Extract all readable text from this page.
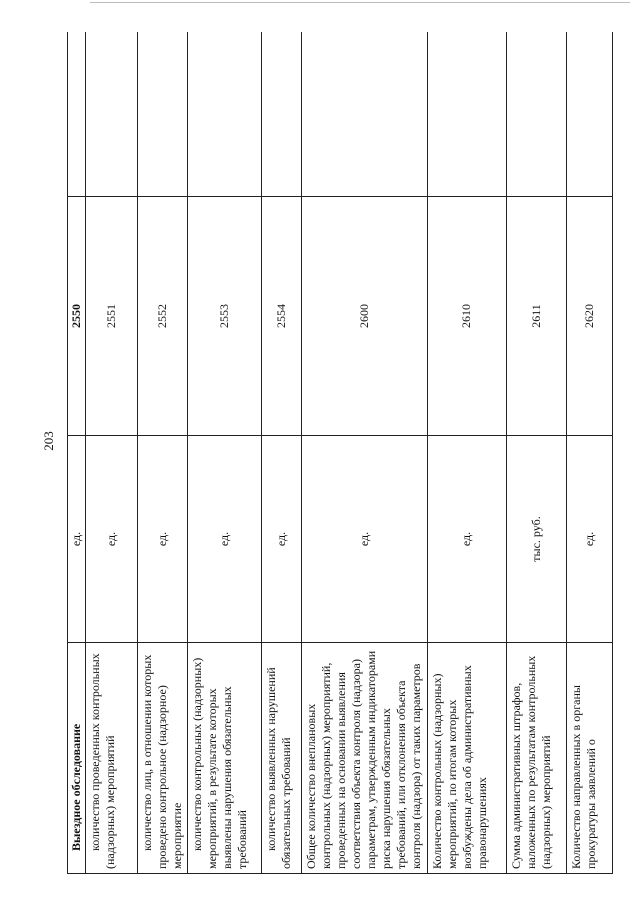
203
Выездное обследование	ед.	2550	
количество проведенных контрольных (надзорных) мероприятий	ед.	2551	
количество лиц, в отношении которых проведено контрольное (надзорное) мероприятие	ед.	2552	
количество контрольных (надзорных) мероприятий, в результате которых выявлены нарушения обязательных требований	ед.	2553	
количество выявленных нарушений обязательных требований	ед.	2554	
Общее количество внеплановых контрольных (надзорных) мероприятий, проведенных на основании выявления соответствия объекта контроля (надзора) параметрам, утвержденным индикаторами риска нарушения обязательных требований, или отклонения объекта контроля (надзора) от таких параметров	ед.	2600	
Количество контрольных (надзорных) мероприятий, по итогам которых возбуждены дела об административных правонарушениях	ед.	2610	
Сумма административных штрафов, наложенных по результатам контрольных (надзорных) мероприятий	тыс. руб.	2611	
Количество направленных в органы прокуратуры заявлений о	ед.	2620	
